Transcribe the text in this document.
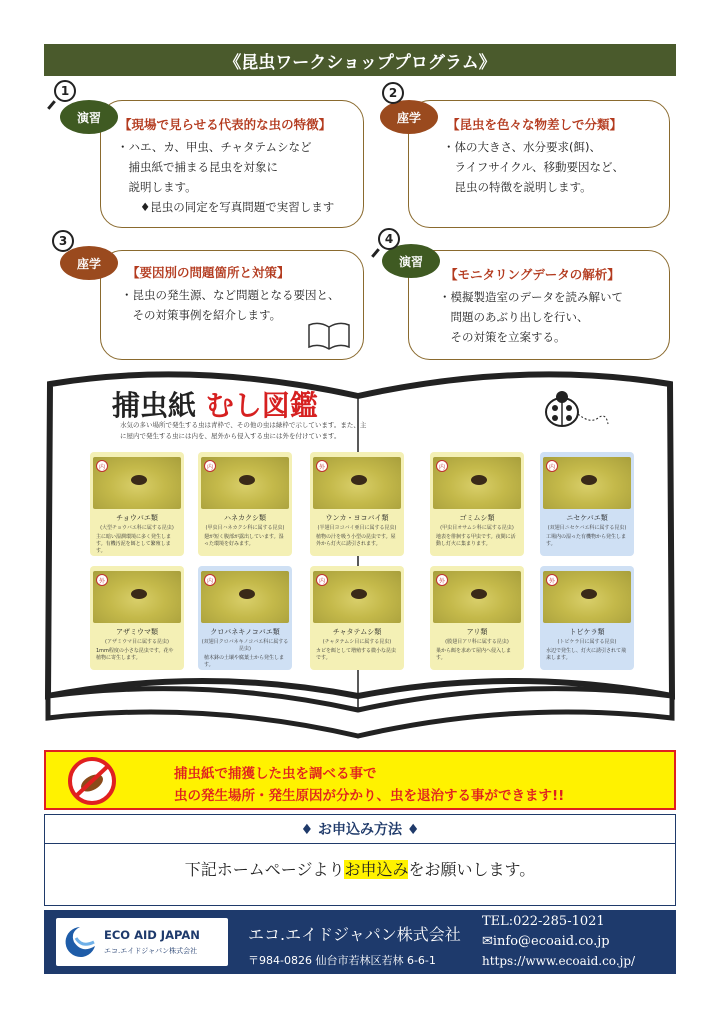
《昆虫ワークショッププログラム》
【現場で見らせる代表的な虫の特徴】
・ハエ、カ、甲虫、チャタテムシなど
　捕虫紙で捕まる昆虫を対象に
　説明します。
　　♦昆虫の同定を写真問題で実習します
演習
1
【昆虫を色々な物差しで分類】
・体の大きさ、水分要求(餌)、
　ライフサイクル、移動要因など、
　昆虫の特徴を説明します。
座学
2
【要因別の問題箇所と対策】
・昆虫の発生源、など問題となる要因と、
　その対策事例を紹介します。
座学
3
【モニタリングデータの解析】
・模擬製造室のデータを読み解いて
　問題のあぶり出しを行い、
　その対策を立案する。
演習
4
捕虫紙 むし図鑑
水気の多い場所で発生する虫は青枠で、その他の虫は緑枠で示しています。また、主に屋内で発生する虫には内を、屋外から侵入する虫には外を付けています。
内
チョウバエ類
(大型チョウバエ科に属する昆虫)
主に暗い湿潤環境に多く発生します。有機汚泥を餌として繁殖します。
内
ハネカクシ類
(甲虫目ハネカクシ科に属する昆虫)
翅が短く腹部が露出しています。湿った環境を好みます。
外
ウンカ・ヨコバイ類
(半翅目ヨコバイ亜目に属する昆虫)
植物の汁を吸う小型の昆虫です。屋外から灯火に誘引されます。
内
ゴミムシ類
(甲虫目オサムシ科に属する昆虫)
地表を徘徊する甲虫です。夜間に活動し灯火に集まります。
内
ニセケバエ類
(双翅目ニセケバエ科に属する昆虫)
工場内の湿った有機物から発生します。
外
アザミウマ類
(アザミウマ目に属する昆虫)
1mm程度の小さな昆虫です。花や植物に寄生します。
内
クロバネキノコバエ類
(双翅目クロバネキノコバエ科に属する昆虫)
植木鉢の土壌や腐葉土から発生します。
内
チャタテムシ類
(チャタテムシ目に属する昆虫)
カビを餌として増殖する微小な昆虫です。
外
アリ類
(膜翅目アリ科に属する昆虫)
巣から餌を求めて屋内へ侵入します。
外
トビケラ類
(トビケラ目に属する昆虫)
水辺で発生し、灯火に誘引されて飛来します。
捕虫紙で捕獲した虫を調べる事で
虫の発生場所・発生原因が分かり、虫を退治する事ができます!!
♦ お申込み方法 ♦
下記ホームページよりお申込みをお願いします。
ECO AID JAPAN
エコ.エイドジャパン株式会社
エコ.エイドジャパン株式会社
〒984-0826 仙台市若林区若林 6-6-1
TEL:022-285-1021
✉info@ecoaid.co.jp
https://www.ecoaid.co.jp/
